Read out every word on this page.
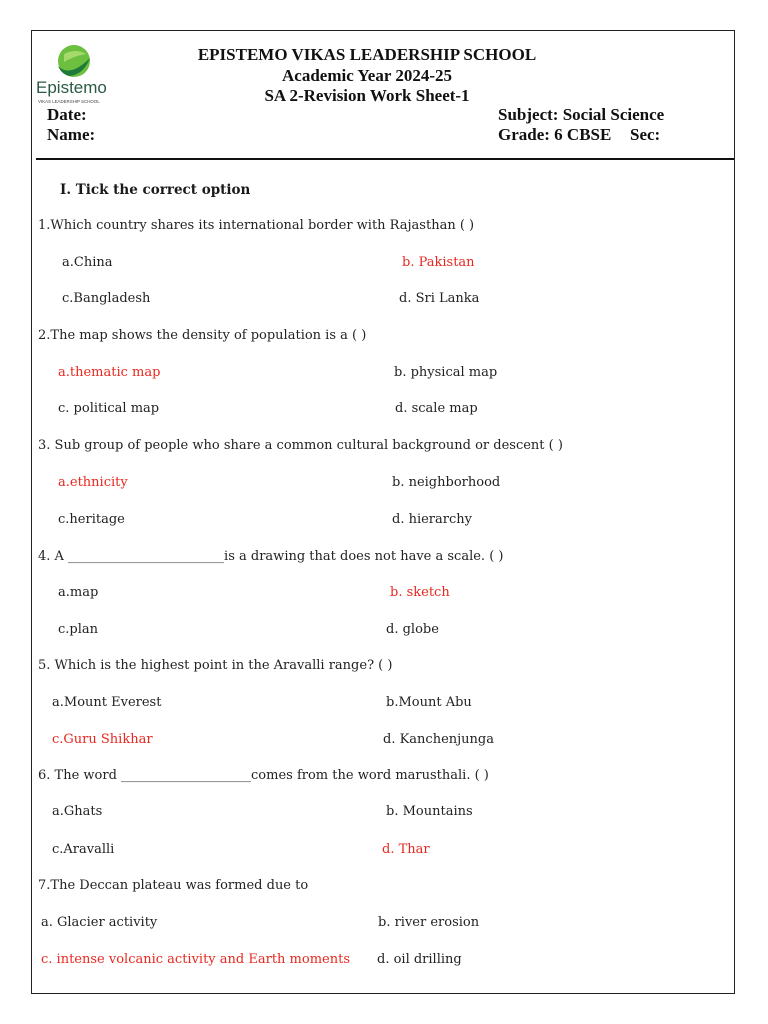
Epistemo
VIKAS LEADERSHIP SCHOOL
EPISTEMO VIKAS LEADERSHIP SCHOOL
Academic Year 2024-25
SA 2-Revision Work Sheet-1
Date:
Name:
Subject: Social Science
Grade: 6 CBSE Sec:
I. Tick the correct option
1.Which country shares its international border with Rajasthan ( )
a.China	b. Pakistan
c.Bangladesh	d. Sri Lanka
2.The map shows the density of population is a ( )
a.thematic map	b. physical map
c. political map	d. scale map
3. Sub group of people who share a common cultural background or descent ( )
a.ethnicity	b. neighborhood
c.heritage	d. hierarchy
4. A ________________________is a drawing that does not have a scale. ( )
a.map	b. sketch
c.plan	d. globe
5. Which is the highest point in the Aravalli range? ( )
a.Mount Everest	b.Mount Abu
c.Guru Shikhar	d. Kanchenjunga
6. The word ____________________comes from the word marusthali. ( )
a.Ghats	b. Mountains
c.Aravalli	d. Thar
7.The Deccan plateau was formed due to
a. Glacier activity	b. river erosion
c. intense volcanic activity and Earth moments d. oil drilling
